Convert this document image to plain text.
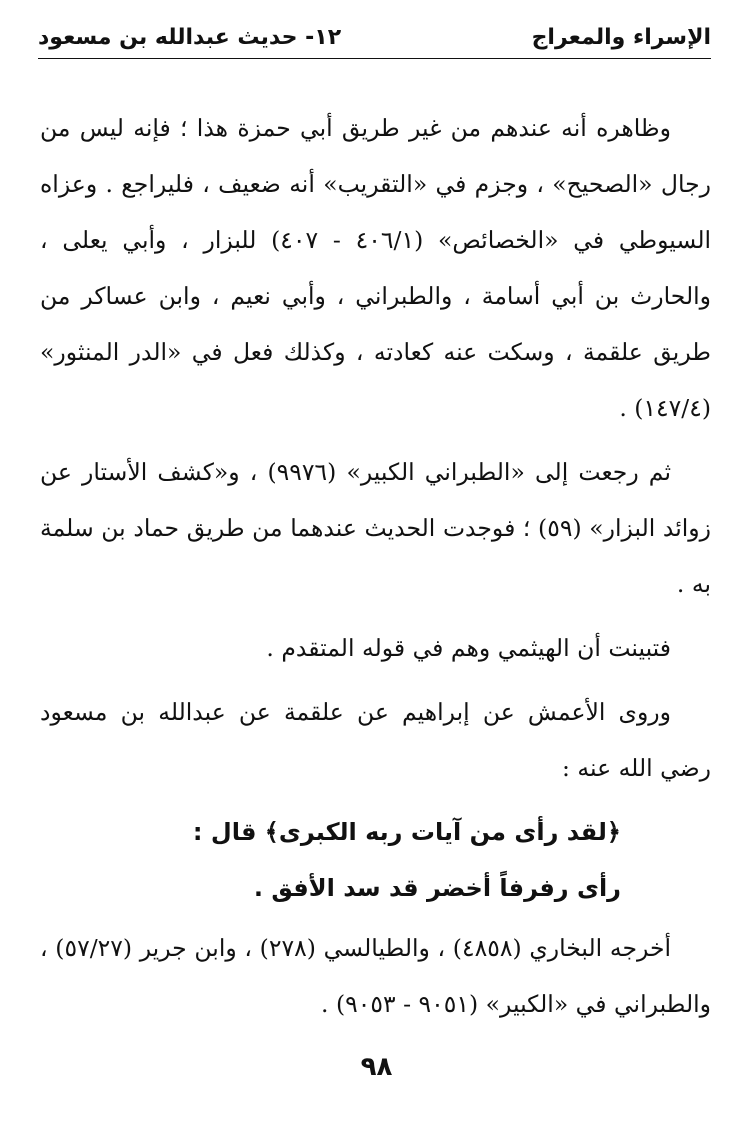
الإسراء والمعراج
١٢- حديث عبدالله بن مسعود

وظاهره أنه عندهم من غير طريق أبي حمزة هذا ؛ فإنه ليس من رجال «الصحيح» ، وجزم في «التقريب» أنه ضعيف ، فليراجع . وعزاه السيوطي في «الخصائص» (٤٠٦/١ - ٤٠٧) للبزار ، وأبي يعلى ، والحارث بن أبي أسامة ، والطبراني ، وأبي نعيم ، وابن عساكر من طريق علقمة ، وسكت عنه كعادته ، وكذلك فعل في «الدر المنثور» (١٤٧/٤) .

ثم رجعت إلى «الطبراني الكبير» (٩٩٧٦) ، و«كشف الأستار عن زوائد البزار» (٥٩) ؛ فوجدت الحديث عندهما من طريق حماد بن سلمة به .

فتبينت أن الهيثمي وهم في قوله المتقدم .

وروى الأعمش عن إبراهيم عن علقمة عن عبدالله بن مسعود رضي الله عنه :

﴿لقد رأى من آيات ربه الكبرى﴾ قال :

رأى رفرفاً أخضر قد سد الأفق .

أخرجه البخاري (٤٨٥٨) ، والطيالسي (٢٧٨) ، وابن جرير (٥٧/٢٧) ، والطبراني في «الكبير» (٩٠٥١ - ٩٠٥٣) .

٩٨
